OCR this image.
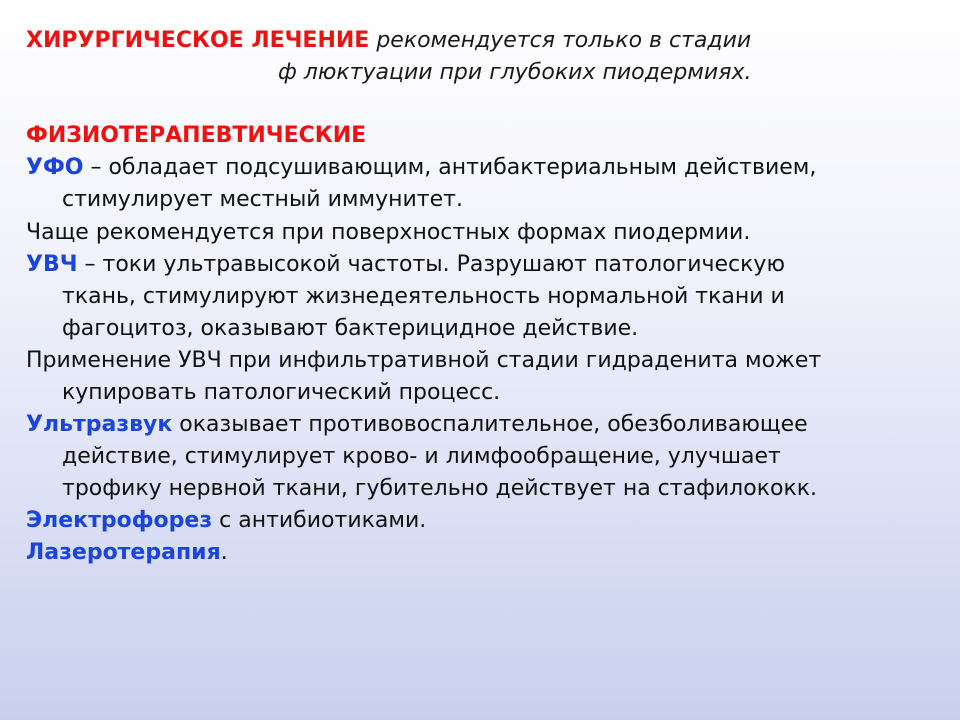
ХИРУРГИЧЕСКОЕ ЛЕЧЕНИЕ рекомендуется только в стадии
ф люктуации при глубоких пиодермиях.
ФИЗИОТЕРАПЕВТИЧЕСКИЕ
УФО – обладает подсушивающим, антибактериальным действием,
стимулирует местный иммунитет.
Чаще рекомендуется при поверхностных формах пиодермии.
УВЧ – токи ультравысокой частоты. Разрушают патологическую
ткань, стимулируют жизнедеятельность нормальной ткани и
фагоцитоз, оказывают бактерицидное действие.
Применение УВЧ при инфильтративной стадии гидраденита может
купировать патологический процесс.
Ультразвук оказывает противовоспалительное, обезболивающее
действие, стимулирует крово- и лимфообращение, улучшает
трофику нервной ткани, губительно действует на стафилококк.
Электрофорез с антибиотиками.
Лазеротерапия.
